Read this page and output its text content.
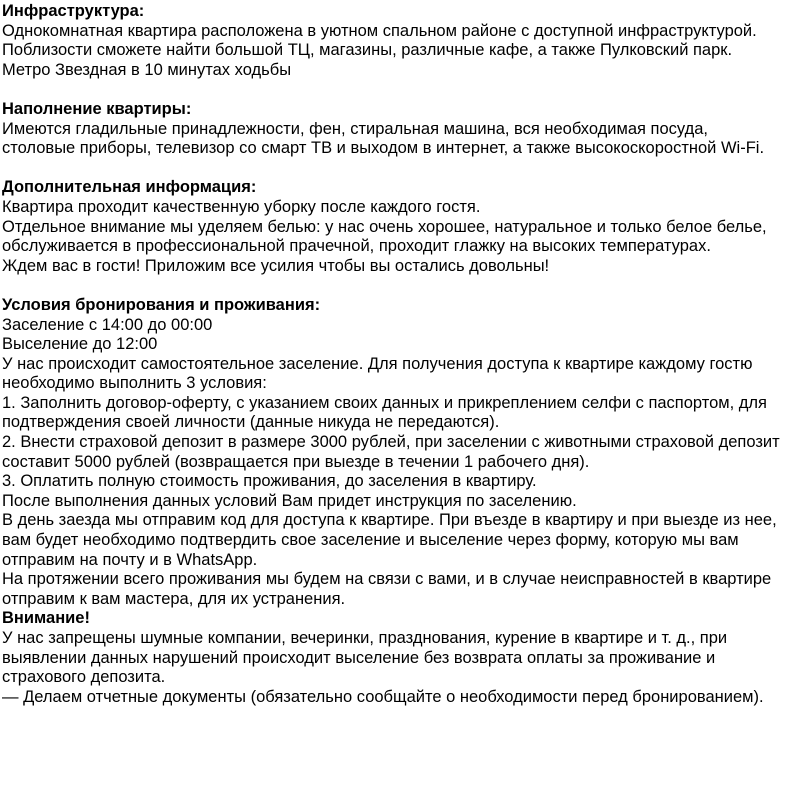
Инфраструктура:

Однокомнатная квартира расположена в уютном спальном районе с доступной инфраструктурой. Поблизости сможете найти большой ТЦ, магазины, различные кафе, а также Пулковский парк. Метро Звездная в 10 минутах ходьбы

Наполнение квартиры:

Имеются гладильные принадлежности, фен, стиральная машина, вся необходимая посуда, столовые приборы, телевизор со смарт ТВ и выходом в интернет, а также высокоскоростной Wi-Fi.

Дополнительная информация:

Квартира проходит качественную уборку после каждого гостя.

Отдельное внимание мы уделяем белью: у нас очень хорошее, натуральное и только белое белье, обслуживается в профессиональной прачечной, проходит глажку на высоких температурах.

Ждем вас в гости! Приложим все усилия чтобы вы остались довольны!

Условия бронирования и проживания:

Заселение с 14:00 до 00:00

Выселение до 12:00

У нас происходит самостоятельное заселение. Для получения доступа к квартире каждому гостю необходимо выполнить 3 условия:

1. Заполнить договор-оферту, с указанием своих данных и прикреплением селфи с паспортом, для подтверждения своей личности (данные никуда не передаются).

2. Внести страховой депозит в размере 3000 рублей, при заселении с животными страховой депозит составит 5000 рублей (возвращается при выезде в течении 1 рабочего дня).

3. Оплатить полную стоимость проживания, до заселения в квартиру.

После выполнения данных условий Вам придет инструкция по заселению.

В день заезда мы отправим код для доступа к квартире. При въезде в квартиру и при выезде из нее, вам будет необходимо подтвердить свое заселение и выселение через форму, которую мы вам отправим на почту и в WhatsApp.

На протяжении всего проживания мы будем на связи с вами, и в случае неисправностей в квартире отправим к вам мастера, для их устранения.

Внимание!

У нас запрещены шумные компании, вечеринки, празднования, курение в квартире и т. д., при выявлении данных нарушений происходит выселение без возврата оплаты за проживание и страхового депозита.

— Делаем отчетные документы (обязательно сообщайте о необходимости перед бронированием).
